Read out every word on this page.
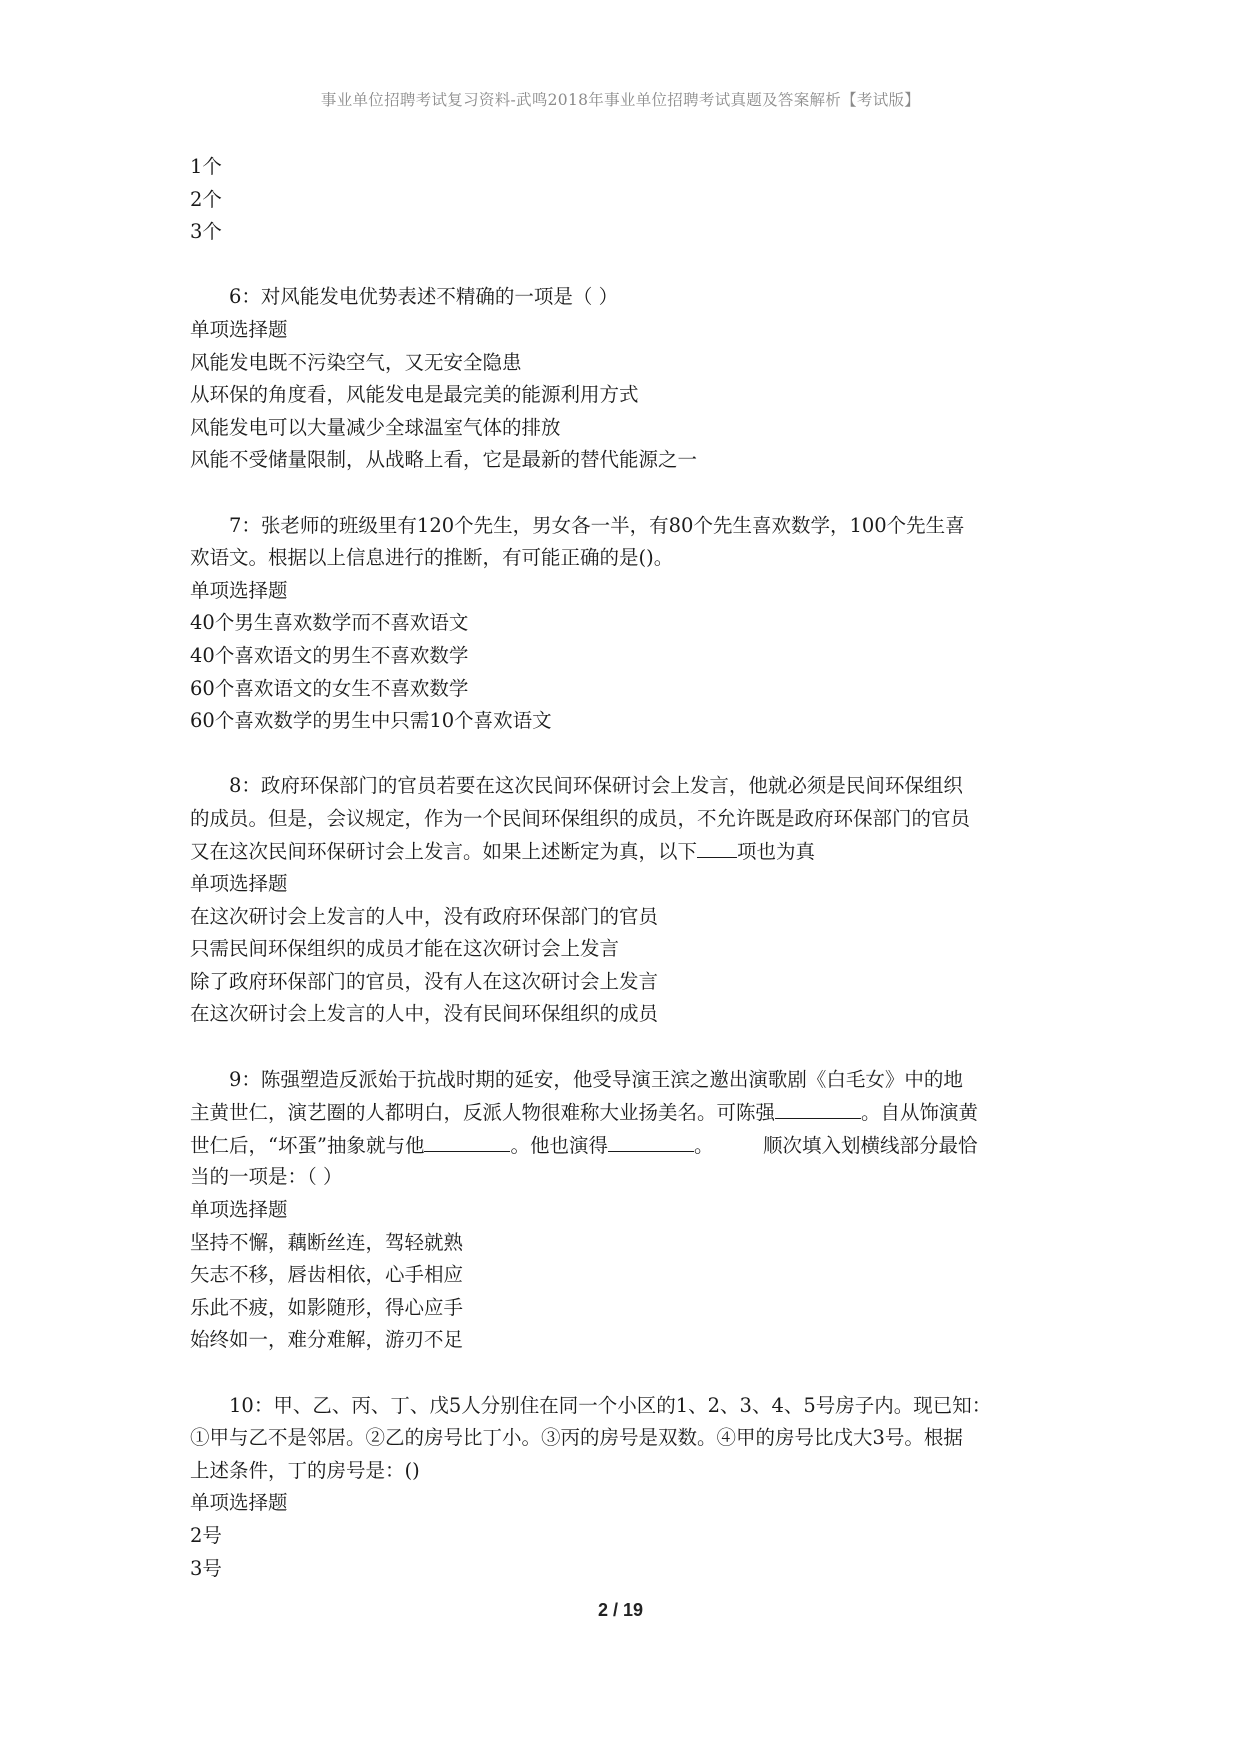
事业单位招聘考试复习资料-武鸣2018年事业单位招聘考试真题及答案解析【考试版】
1个
2个
3个
6：对风能发电优势表述不精确的一项是（ ）
单项选择题
风能发电既不污染空气，又无安全隐患
从环保的角度看，风能发电是最完美的能源利用方式
风能发电可以大量减少全球温室气体的排放
风能不受储量限制，从战略上看，它是最新的替代能源之一
7：张老师的班级里有120个先生，男女各一半，有80个先生喜欢数学，100个先生喜
欢语文。根据以上信息进行的推断，有可能正确的是()。
单项选择题
40个男生喜欢数学而不喜欢语文
40个喜欢语文的男生不喜欢数学
60个喜欢语文的女生不喜欢数学
60个喜欢数学的男生中只需10个喜欢语文
8：政府环保部门的官员若要在这次民间环保研讨会上发言，他就必须是民间环保组织
的成员。但是，会议规定，作为一个民间环保组织的成员，不允许既是政府环保部门的官员
又在这次民间环保研讨会上发言。如果上述断定为真，以下 项也为真
单项选择题
在这次研讨会上发言的人中，没有政府环保部门的官员
只需民间环保组织的成员才能在这次研讨会上发言
除了政府环保部门的官员，没有人在这次研讨会上发言
在这次研讨会上发言的人中，没有民间环保组织的成员
9：陈强塑造反派始于抗战时期的延安，他受导演王滨之邀出演歌剧《白毛女》中的地
主黄世仁，演艺圈的人都明白，反派人物很难称大业扬美名。可陈强	。自从饰演黄
世仁后，“坏蛋”抽象就与他	。他也演得	。        顺次填入划横线部分最恰
当的一项是：（ ）
单项选择题
坚持不懈，藕断丝连，驾轻就熟
矢志不移，唇齿相依，心手相应
乐此不疲，如影随形，得心应手
始终如一，难分难解，游刃不足
10：甲、乙、丙、丁、戊5人分别住在同一个小区的1、2、3、4、5号房子内。现已知：
①甲与乙不是邻居。②乙的房号比丁小。③丙的房号是双数。④甲的房号比戊大3号。根据
上述条件，丁的房号是：()
单项选择题
2号
3号
2 / 19
